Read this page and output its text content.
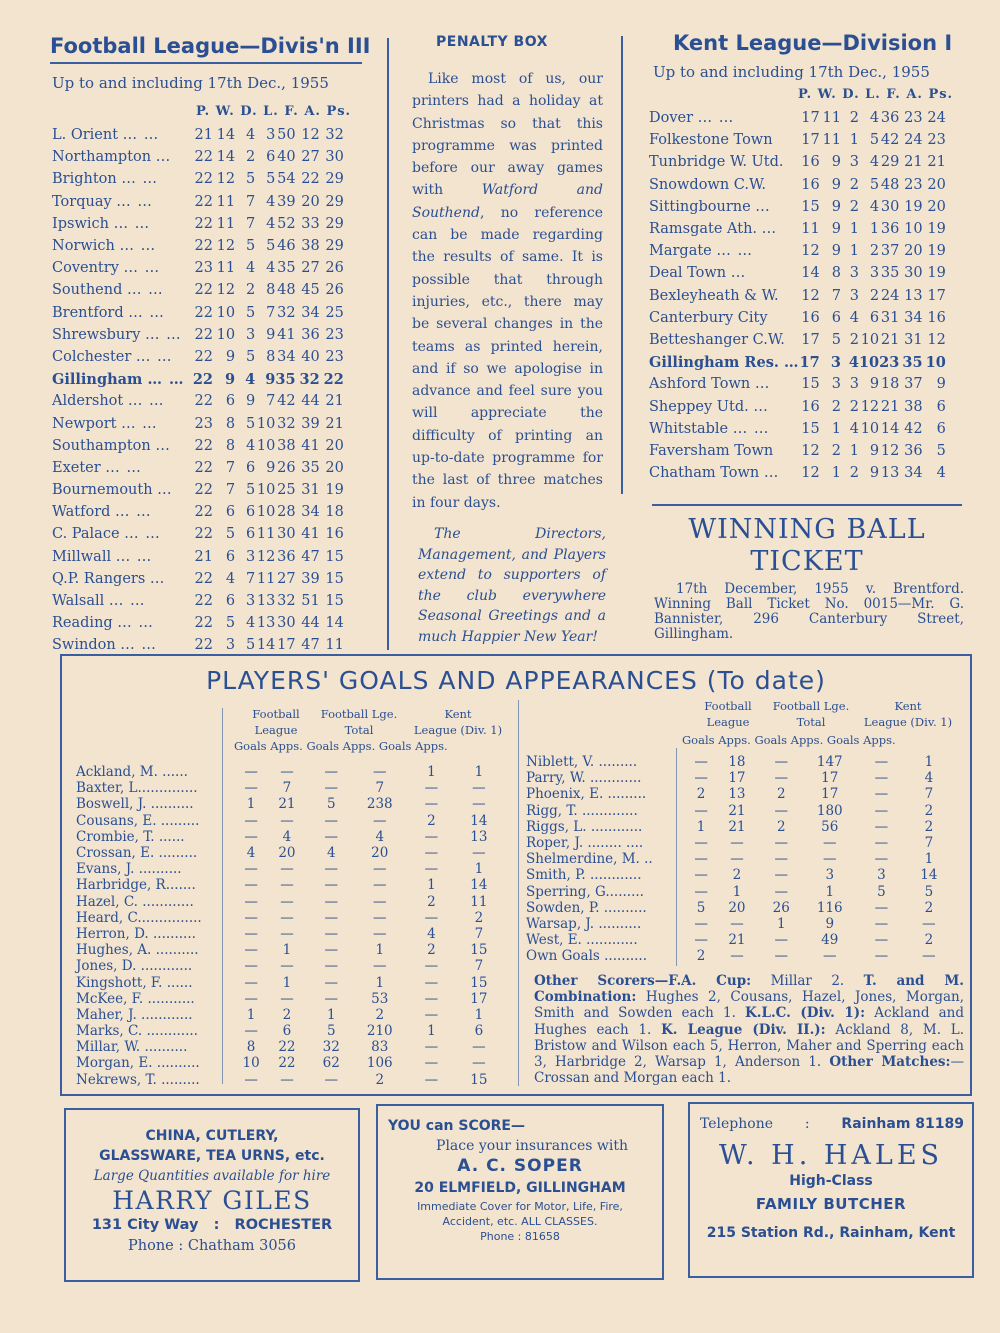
Football League—Divis'n III
Up to and including 17th Dec., 1955
P. W. D. L. F. A. Ps.
L. Orient … …	21	14	4	3	50	12	32
Northampton …	22	14	2	6	40	27	30
Brighton … …	22	12	5	5	54	22	29
Torquay … …	22	11	7	4	39	20	29
Ipswich … …	22	11	7	4	52	33	29
Norwich … …	22	12	5	5	46	38	29
Coventry … …	23	11	4	4	35	27	26
Southend … …	22	12	2	8	48	45	26
Brentford … …	22	10	5	7	32	34	25
Shrewsbury … …	22	10	3	9	41	36	23
Colchester … …	22	9	5	8	34	40	23
Gillingham … …	22	9	4	9	35	32	22
Aldershot … …	22	6	9	7	42	44	21
Newport … …	23	8	5	10	32	39	21
Southampton …	22	8	4	10	38	41	20
Exeter … …	22	7	6	9	26	35	20
Bournemouth …	22	7	5	10	25	31	19
Watford … …	22	6	6	10	28	34	18
C. Palace … …	22	5	6	11	30	41	16
Millwall … …	21	6	3	12	36	47	15
Q.P. Rangers …	22	4	7	11	27	39	15
Walsall … …	22	6	3	13	32	51	15
Reading … …	22	5	4	13	30	44	14
Swindon … …	22	3	5	14	17	47	11
PENALTY BOX
Like most of us, our printers had a holiday at Christmas so that this programme was printed before our away games with Watford and Southend, no reference can be made regarding the results of same. It is possible that through injuries, etc., there may be several changes in the teams as printed herein, and if so we apologise in advance and feel sure you will appreciate the difficulty of printing an up-to-date programme for the last of three matches in four days.
The Directors, Management, and Players extend to supporters of the club everywhere Seasonal Greetings and a much Happier New Year!
Kent League—Division I
Up to and including 17th Dec., 1955
P. W. D. L. F. A. Ps.
Dover … …	17	11	2	4	36	23	24
Folkestone Town	17	11	1	5	42	24	23
Tunbridge W. Utd.	16	9	3	4	29	21	21
Snowdown C.W.	16	9	2	5	48	23	20
Sittingbourne …	15	9	2	4	30	19	20
Ramsgate Ath. …	11	9	1	1	36	10	19
Margate … …	12	9	1	2	37	20	19
Deal Town …	14	8	3	3	35	30	19
Bexleyheath & W.	12	7	3	2	24	13	17
Canterbury City	16	6	4	6	31	34	16
Betteshanger C.W.	17	5	2	10	21	31	12
Gillingham Res. …	17	3	4	10	23	35	10
Ashford Town …	15	3	3	9	18	37	9
Sheppey Utd. …	16	2	2	12	21	38	6
Whitstable … …	15	1	4	10	14	42	6
Faversham Town	12	2	1	9	12	36	5
Chatham Town …	12	1	2	9	13	34	4
WINNING BALL
TICKET
17th December, 1955 v. Brentford. Winning Ball Ticket No. 0015—Mr. G. Bannister, 296 Canterbury Street, Gillingham.
PLAYERS' GOALS AND APPEARANCES (To date)
Football
League
Football Lge.
Total
Kent
League (Div. 1)
Goals Apps. Goals Apps. Goals Apps.
Ackland, M. ......	—	—	—	—	1	1
Baxter, L..............	—	7	—	7	—	—
Boswell, J. ..........	1	21	5	238	—	—
Cousans, E. .........	—	—	—	—	2	14
Crombie, T. ......	—	4	—	4	—	13
Crossan, E. .........	4	20	4	20	—	—
Evans, J. ..........	—	—	—	—	—	1
Harbridge, R.......	—	—	—	—	1	14
Hazel, C. ............	—	—	—	—	2	11
Heard, C...............	—	—	—	—	—	2
Herron, D. ..........	—	—	—	—	4	7
Hughes, A. ..........	—	1	—	1	2	15
Jones, D. ............	—	—	—	—	—	7
Kingshott, F. ......	—	1	—	1	—	15
McKee, F. ...........	—	—	—	53	—	17
Maher, J. ............	1	2	1	2	—	1
Marks, C. ............	—	6	5	210	1	6
Millar, W. ..........	8	22	32	83	—	—
Morgan, E. ..........	10	22	62	106	—	—
Nekrews, T. .........	—	—	—	2	—	15
Football
League
Football Lge.
Total
Kent
League (Div. 1)
Goals Apps. Goals Apps. Goals Apps.
Niblett, V. .........	—	18	—	147	—	1
Parry, W. ............	—	17	—	17	—	4
Phoenix, E. .........	2	13	2	17	—	7
Rigg, T. .............	—	21	—	180	—	2
Riggs, L. ............	1	21	2	56	—	2
Roper, J. ........ ....	—	—	—	—	—	7
Shelmerdine, M. ..	—	—	—	—	—	1
Smith, P. ............	—	2	—	3	3	14
Sperring, G.........	—	1	—	1	5	5
Sowden, P. ..........	5	20	26	116	—	2
Warsap, J. ..........	—	—	1	9	—	—
West, E. ............	—	21	—	49	—	2
Own Goals ..........	2	—	—	—	—	—
Other Scorers—F.A. Cup: Millar 2. T. and M. Combination: Hughes 2, Cousans, Hazel, Jones, Morgan, Smith and Sowden each 1. K.L.C. (Div. 1): Ackland and Hughes each 1. K. League (Div. II.): Ackland 8, M. L. Bristow and Wilson each 5, Herron, Maher and Sperring each 3, Harbridge 2, Warsap 1, Anderson 1. Other Matches:—Crossan and Morgan each 1.
CHINA, CUTLERY,
GLASSWARE, TEA URNS, etc.
Large Quantities available for hire
HARRY GILES
131 City Way   :   ROCHESTER
Phone : Chatham 3056
YOU can SCORE—
Place your insurances with
A. C. SOPER
20 ELMFIELD, GILLINGHAM
Immediate Cover for Motor, Life, Fire,
Accident, etc. ALL CLASSES.
Phone : 81658
Telephone : Rainham 81189
W. H. HALES
High-Class
FAMILY BUTCHER
215 Station Rd., Rainham, Kent
